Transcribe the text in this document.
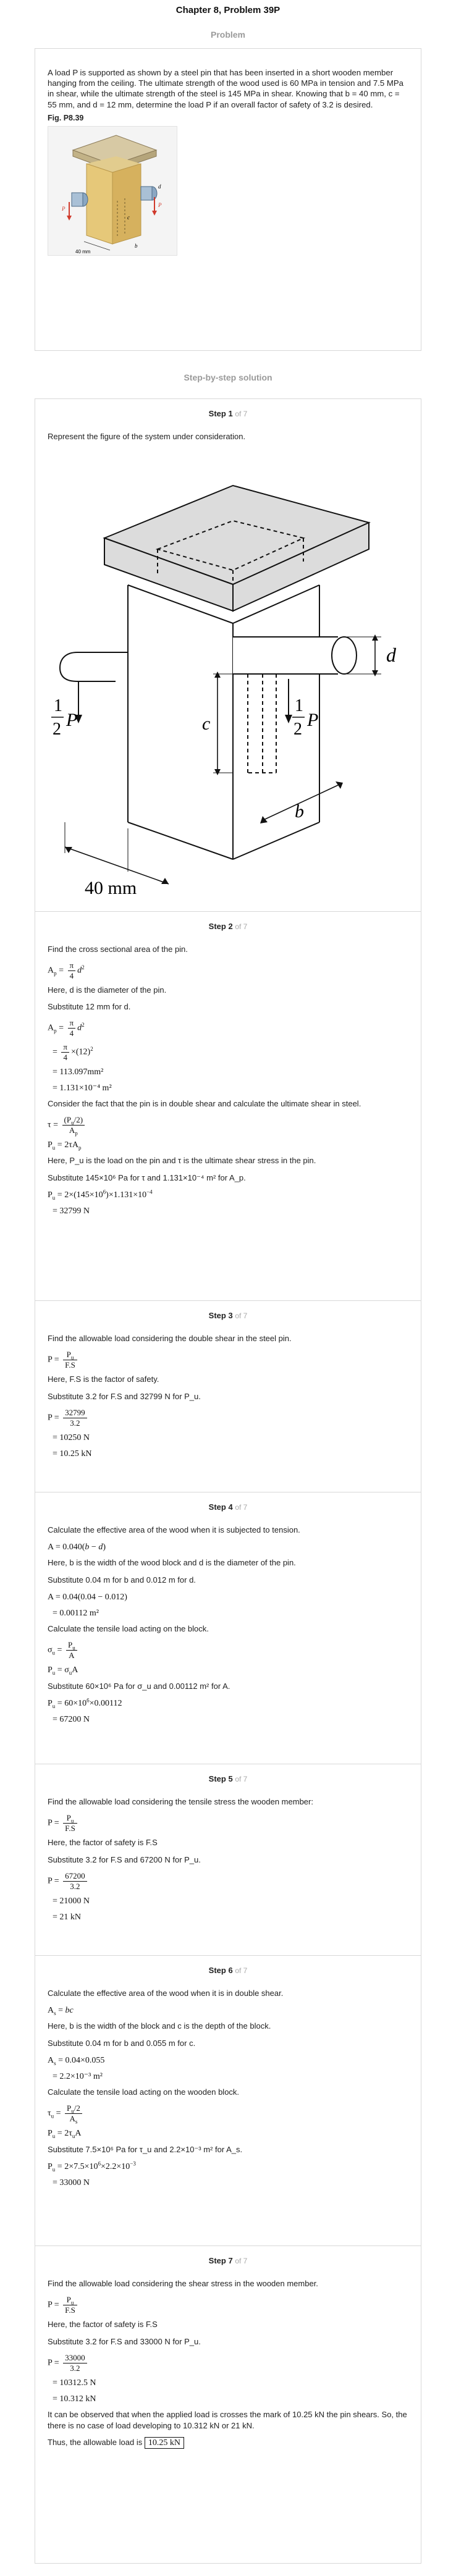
Chapter 8, Problem 39P
Problem
A load P is supported as shown by a steel pin that has been inserted in a short wooden member hanging from the ceiling. The ultimate strength of the wood used is 60 MPa in tension and 7.5 MPa in shear, while the ultimate strength of the steel is 145 MPa in shear. Knowing that b = 40 mm, c = 55 mm, and d = 12 mm, determine the load P if an overall factor of safety of 3.2 is desired.
Fig. P8.39
P
P
d
c
b
40 mm
Step-by-step solution
Step 1 of 7
Represent the figure of the system under consideration.
1
2 P
1
2 P
c
d
b
40 mm
Step 2 of 7
Find the cross sectional area of the pin.
$A_p = \frac{\pi}{4} d^2$
Here, d is the diameter of the pin.
Substitute 12 mm for d.
$A_p = \frac{\pi}{4} d^2$
= $\frac{\pi}{4} \times(12)^2$
= 113.097mm²
= 1.131×10⁻⁴ m²
Consider the fact that the pin is in double shear and calculate the ultimate shear in steel.
$\tau = \frac{(P_u/2)}{A_p}$
$P_u = 2\tau A_p$
Here, P_u is the load on the pin and τ is the ultimate shear stress in the pin.
Substitute 145×10⁶ Pa for τ and 1.131×10⁻⁴ m² for A_p.
$P_u = 2\times(145\times 10^6)\times 1.131\times 10^{-4}$
= 32799 N
Step 3 of 7
Find the allowable load considering the double shear in the steel pin.
$P = \frac{P_u}{F.S}$
Here, F.S is the factor of safety.
Substitute 3.2 for F.S and 32799 N for P_u.
$P = \frac{32799}{3.2}$
= 10250 N
= 10.25 kN
Step 4 of 7
Calculate the effective area of the wood when it is subjected to tension.
A = 0.040(b − d)
Here, b is the width of the wood block and d is the diameter of the pin.
Substitute 0.04 m for b and 0.012 m for d.
A = 0.04(0.04 − 0.012)
= 0.00112 m²
Calculate the tensile load acting on the block.
$\sigma_u = \frac{P_u}{A}$
$P_u = \sigma_uA$
Substitute 60×10⁶ Pa for σ_u and 0.00112 m² for A.
$P_u = 60\times 10^6\times 0.00112$
= 67200 N
Step 5 of 7
Find the allowable load considering the tensile stress the wooden member:
$P = \frac{P_u}{F.S}$
Here, the factor of safety is F.S
Substitute 3.2 for F.S and 67200 N for P_u.
$P = \frac{67200}{3.2}$
= 21000 N
= 21 kN
Step 6 of 7
Calculate the effective area of the wood when it is in double shear.
$A_s$ = bc
Here, b is the width of the block and c is the depth of the block.
Substitute 0.04 m for b and 0.055 m for c.
$A_s = 0.04\times 0.055$
= 2.2×10⁻³ m²
Calculate the tensile load acting on the wooden block.
$\tau_u = \frac{P_u/2}{A_s}$
$P_u = 2\tau_uA$
Substitute 7.5×10⁶ Pa for τ_u and 2.2×10⁻³ m² for A_s.
$P_u = 2\times 7.5\times 10^6\times 2.2\times 10^{-3}$
= 33000 N
Step 7 of 7
Find the allowable load considering the shear stress in the wooden member.
$P = \frac{P_u}{F.S}$
Here, the factor of safety is F.S
Substitute 3.2 for F.S and 33000 N for P_u.
$P = \frac{33000}{3.2}$
= 10312.5 N
= 10.312 kN
It can be observed that when the applied load is crosses the mark of 10.25 kN the pin shears. So, the there is no case of load developing to 10.312 kN or 21 kN.
Thus, the allowable load is 10.25 kN
